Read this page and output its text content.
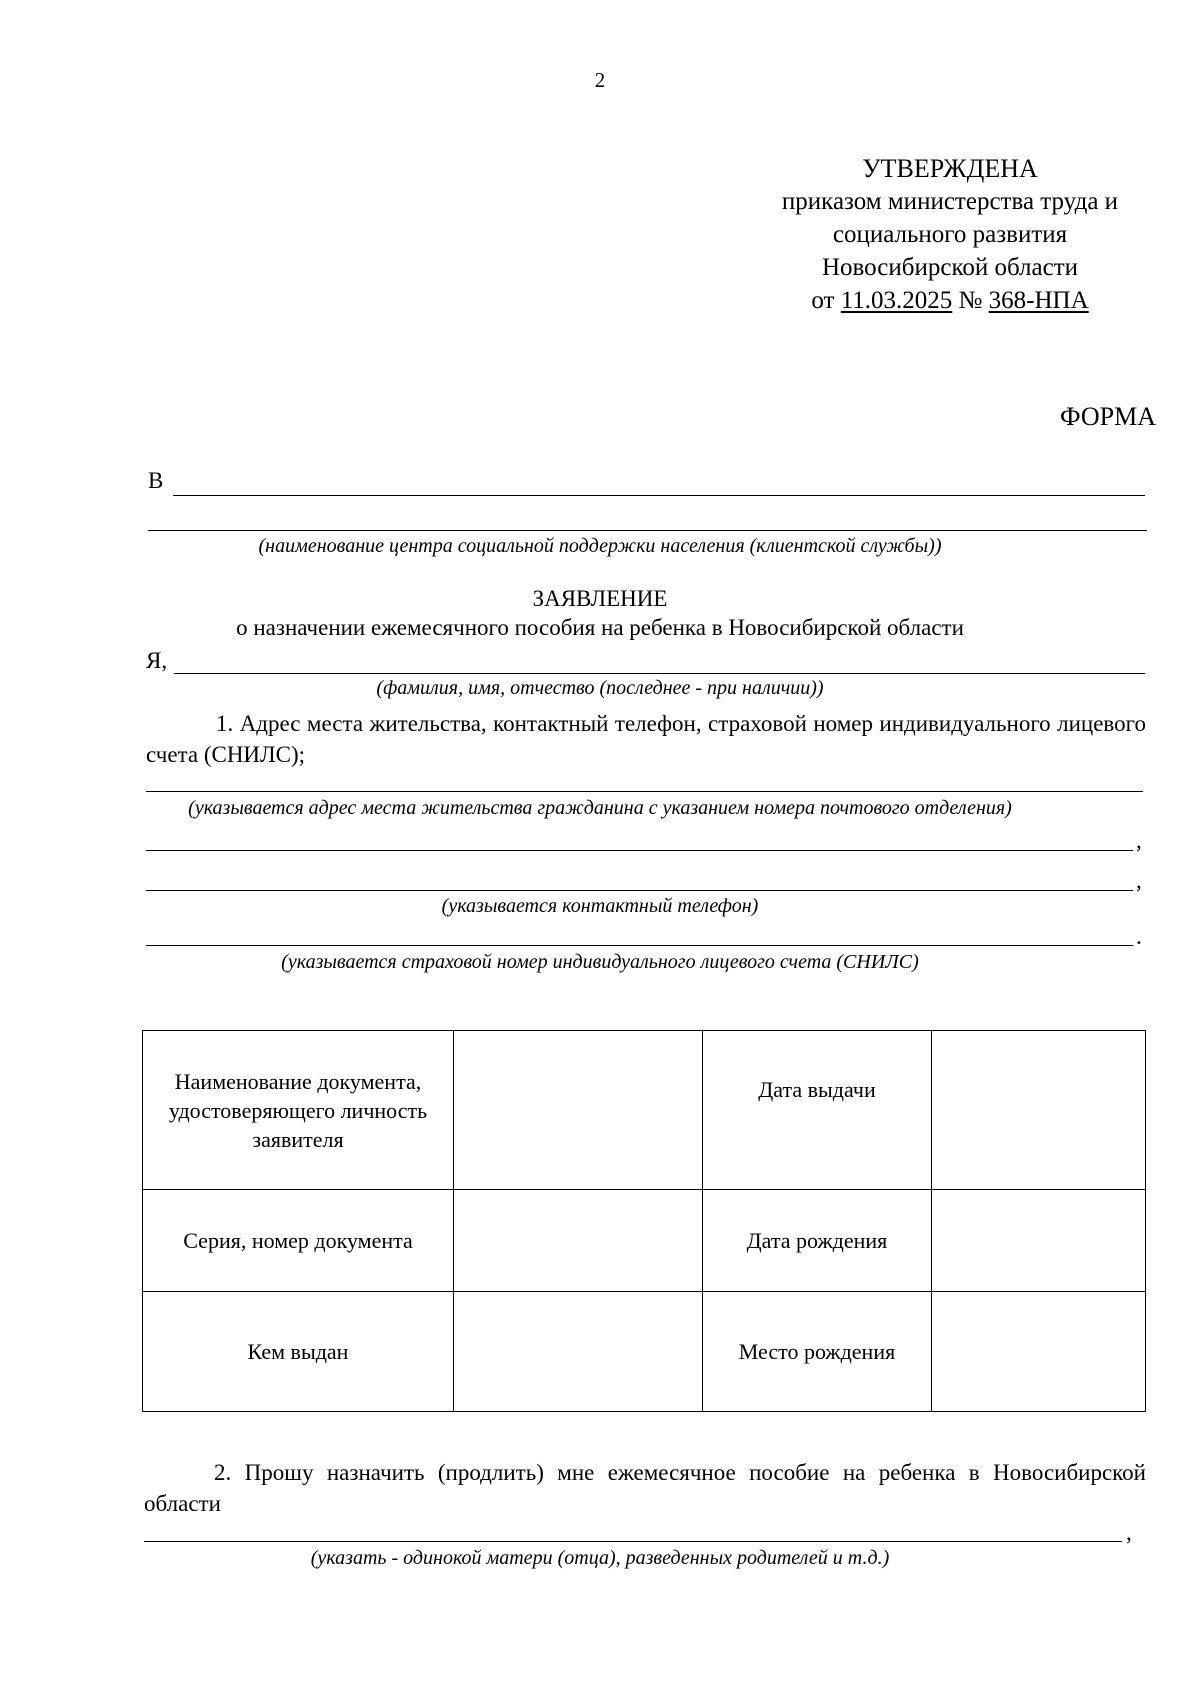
2
УТВЕРЖДЕНА
приказом министерства труда и
социального развития
Новосибирской области
от 11.03.2025 № 368-НПА
ФОРМА
В
(наименование центра социальной поддержки населения (клиентской службы))
ЗАЯВЛЕНИЕ
о назначении ежемесячного пособия на ребенка в Новосибирской области
Я,
(фамилия, имя, отчество (последнее - при наличии))
1. Адрес места жительства, контактный телефон, страховой номер индивидуального лицевого счета (СНИЛС);
(указывается адрес места жительства гражданина с указанием номера почтового отделения)
,
,
(указывается контактный телефон)
.
(указывается страховой номер индивидуального лицевого счета (СНИЛС)
Наименование документа, удостоверяющего личность заявителя		Дата выдачи	
Серия, номер документа		Дата рождения	
Кем выдан		Место рождения	
2. Прошу назначить (продлить) мне ежемесячное пособие на ребенка в Новосибирской области
,
(указать - одинокой матери (отца), разведенных родителей и т.д.)
